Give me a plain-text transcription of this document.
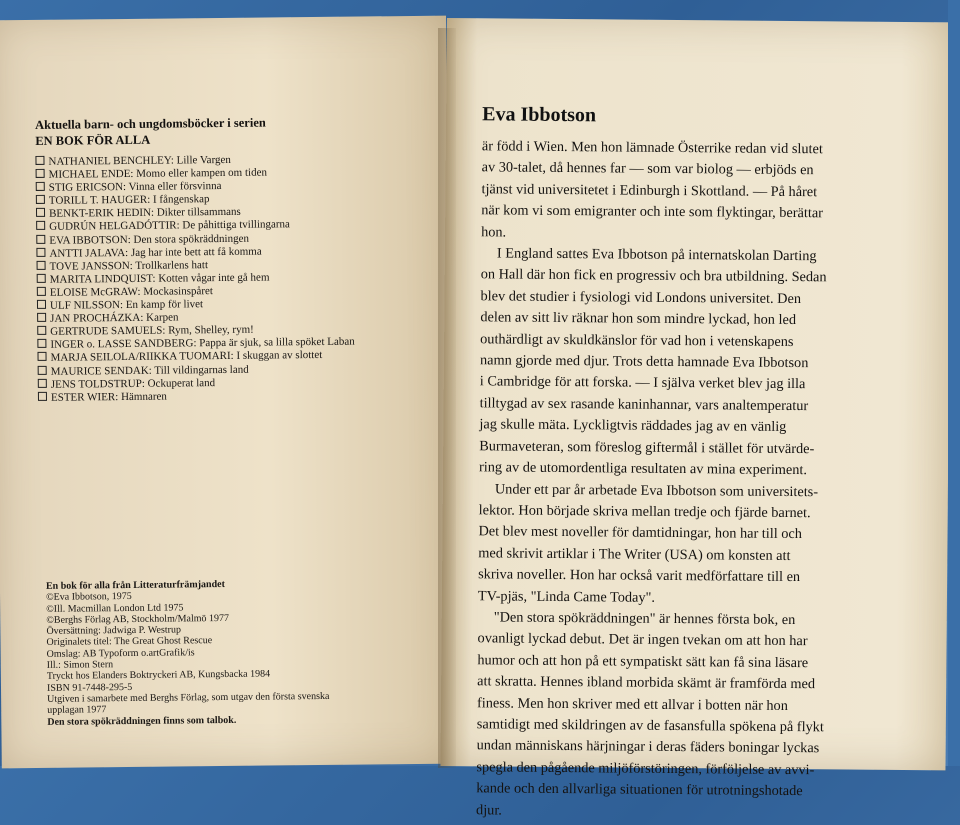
Aktuella barn- och ungdomsböcker i serien
EN BOK FÖR ALLA
NATHANIEL BENCHLEY: Lille Vargen
MICHAEL ENDE: Momo eller kampen om tiden
STIG ERICSON: Vinna eller försvinna
TORILL T. HAUGER: I fångenskap
BENKT-ERIK HEDIN: Dikter tillsammans
GUDRÚN HELGADÓTTIR: De påhittiga tvillingarna
EVA IBBOTSON: Den stora spökräddningen
ANTTI JALAVA: Jag har inte bett att få komma
TOVE JANSSON: Trollkarlens hatt
MARITA LINDQUIST: Kotten vågar inte gå hem
ELOISE McGRAW: Mockasinspåret
ULF NILSSON: En kamp för livet
JAN PROCHÁZKA: Karpen
GERTRUDE SAMUELS: Rym, Shelley, rym!
INGER o. LASSE SANDBERG: Pappa är sjuk, sa lilla spöket Laban
MARJA SEILOLA/RIIKKA TUOMARI: I skuggan av slottet
MAURICE SENDAK: Till vildingarnas land
JENS TOLDSTRUP: Ockuperat land
ESTER WIER: Hämnaren
En bok för alla från Litteraturfrämjandet
©Eva Ibbotson, 1975
©Ill. Macmillan London Ltd 1975
©Berghs Förlag AB, Stockholm/Malmö 1977
Översättning: Jadwiga P. Westrup
Originalets titel: The Great Ghost Rescue
Omslag: AB Typoform o.artGrafik/is
Ill.: Simon Stern
Tryckt hos Elanders Boktryckeri AB, Kungsbacka 1984
ISBN 91-7448-295-5
Utgiven i samarbete med Berghs Förlag, som utgav den första svenska
upplagan 1977
Den stora spökräddningen finns som talbok.
Eva Ibbotson
är född i Wien. Men hon lämnade Österrike redan vid slutet
av 30-talet, då hennes far — som var biolog — erbjöds en
tjänst vid universitetet i Edinburgh i Skottland. — På håret
när kom vi som emigranter och inte som flyktingar, berättar
hon.
I England sattes Eva Ibbotson på internatskolan Darting
on Hall där hon fick en progressiv och bra utbildning. Sedan
blev det studier i fysiologi vid Londons universitet. Den
delen av sitt liv räknar hon som mindre lyckad, hon led
outhärdligt av skuldkänslor för vad hon i vetenskapens
namn gjorde med djur. Trots detta hamnade Eva Ibbotson
i Cambridge för att forska. — I själva verket blev jag illa
tilltygad av sex rasande kaninhannar, vars analtemperatur
jag skulle mäta. Lyckligtvis räddades jag av en vänlig
Burmaveteran, som föreslog giftermål i stället för utvärde-
ring av de utomordentliga resultaten av mina experiment.
Under ett par år arbetade Eva Ibbotson som universitets-
lektor. Hon började skriva mellan tredje och fjärde barnet.
Det blev mest noveller för damtidningar, hon har till och
med skrivit artiklar i The Writer (USA) om konsten att
skriva noveller. Hon har också varit medförfattare till en
TV-pjäs, "Linda Came Today".
"Den stora spökräddningen" är hennes första bok, en
ovanligt lyckad debut. Det är ingen tvekan om att hon har
humor och att hon på ett sympatiskt sätt kan få sina läsare
att skratta. Hennes ibland morbida skämt är framförda med
finess. Men hon skriver med ett allvar i botten när hon
samtidigt med skildringen av de fasansfulla spökena på flykt
undan människans härjningar i deras fäders boningar lyckas
spegla den pågående miljöförstöringen, förföljelse av avvi-
kande och den allvarliga situationen för utrotningshotade
djur.
